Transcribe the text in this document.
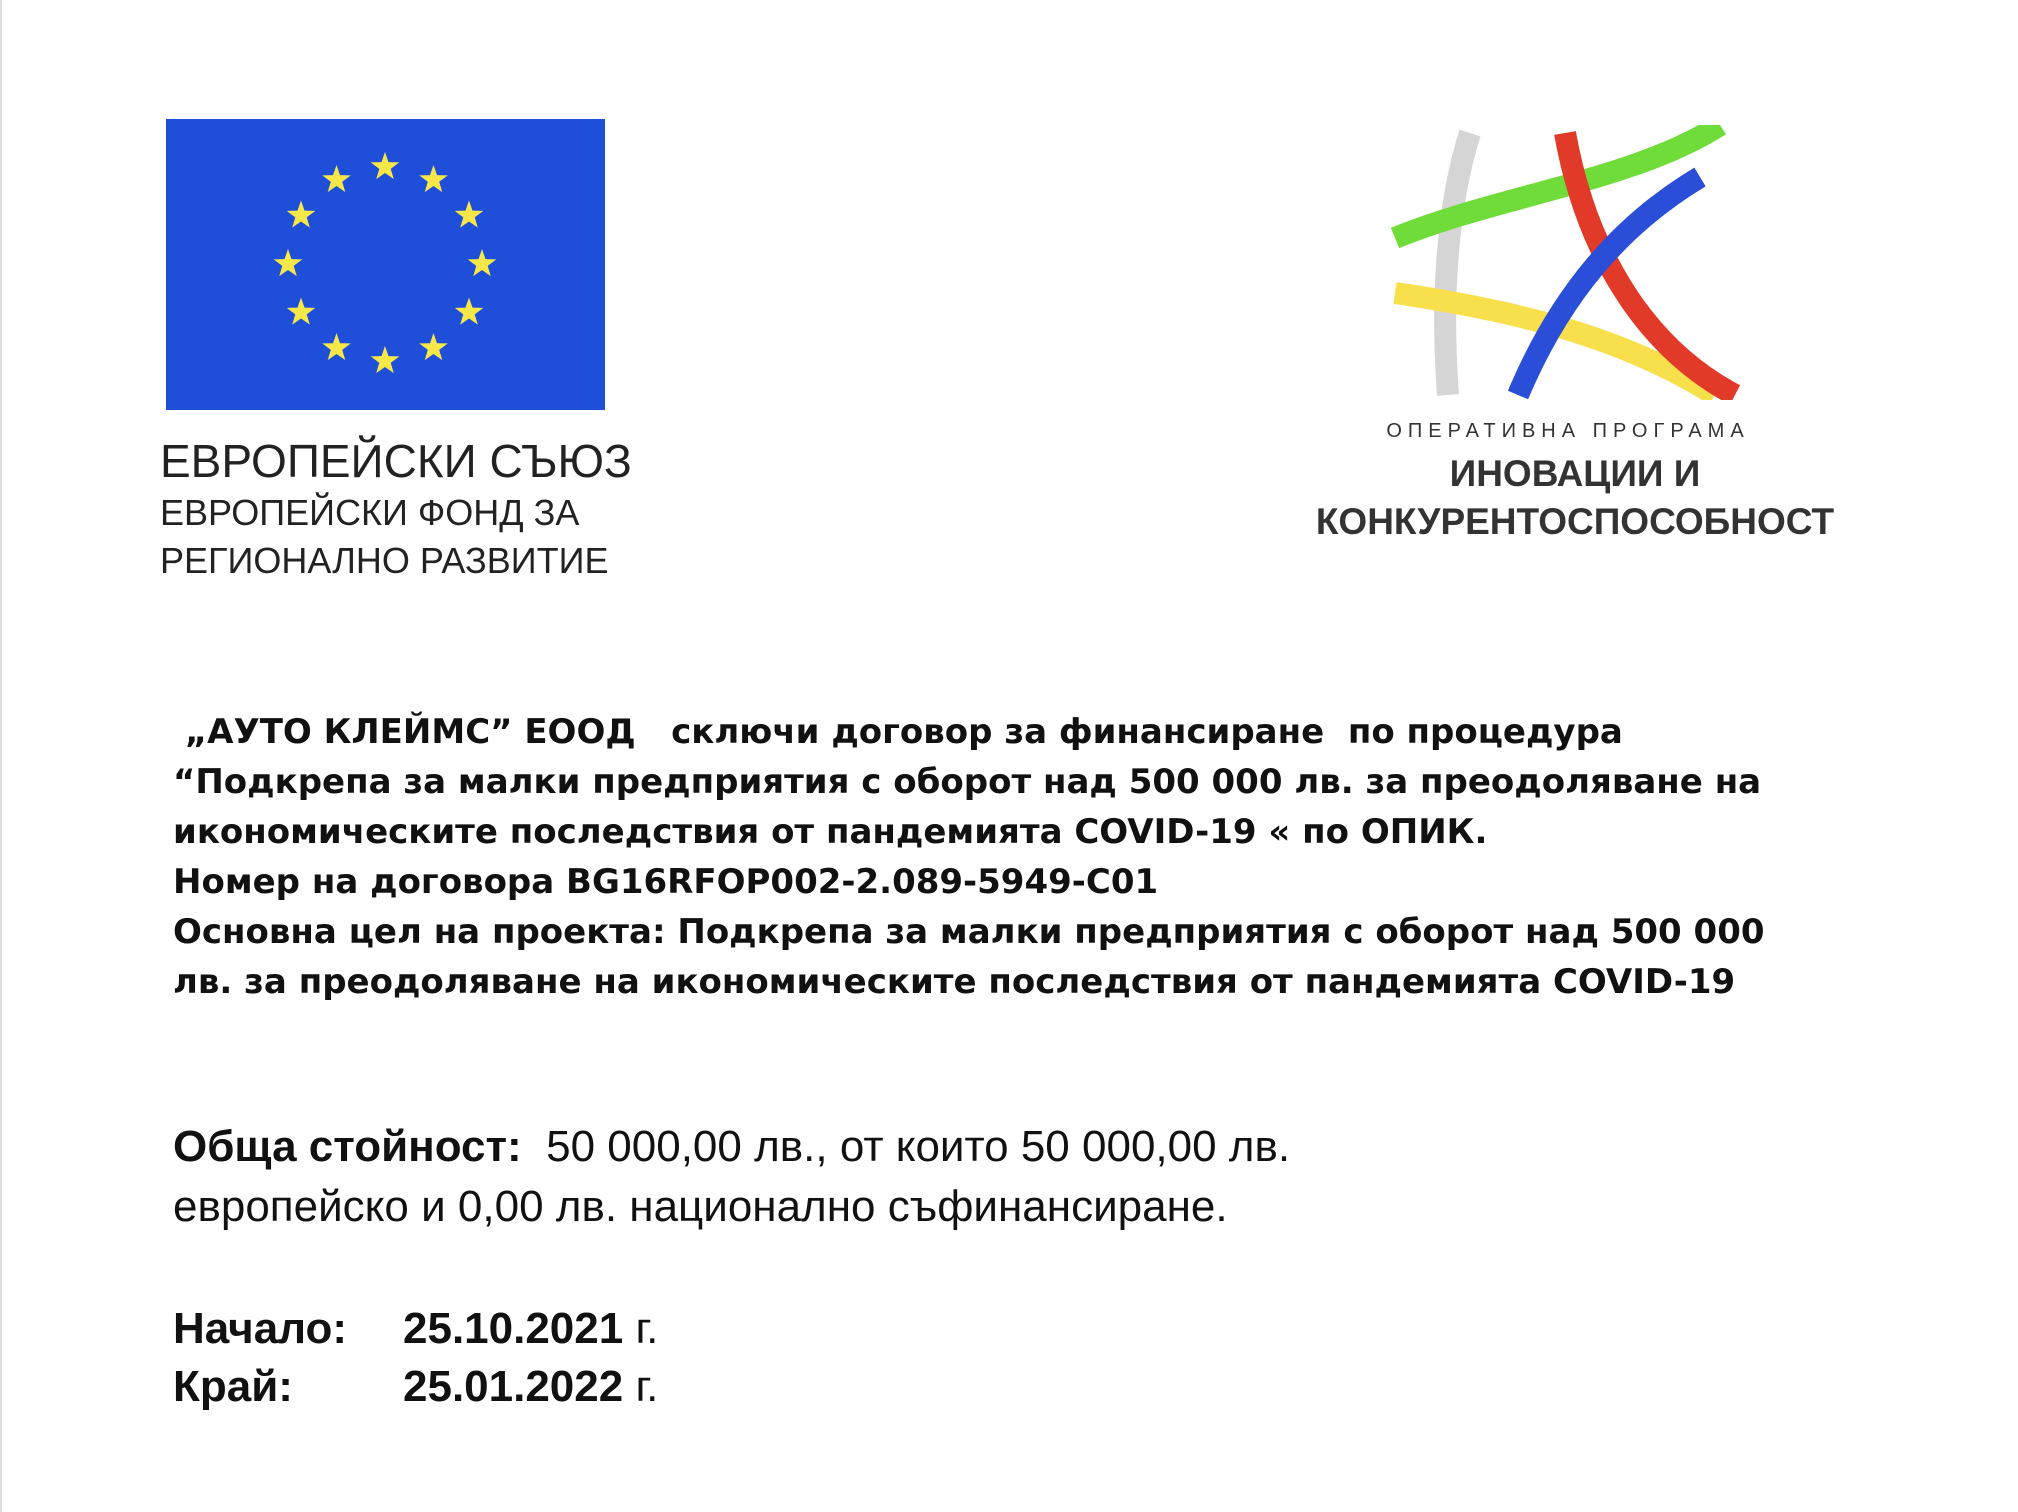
ЕВРОПЕЙСКИ СЪЮЗ
ЕВРОПЕЙСКИ ФОНД ЗА
РЕГИОНАЛНО РАЗВИТИЕ
ОПЕРАТИВНА ПРОГРАМА
ИНОВАЦИИ И
КОНКУРЕНТОСПОСОБНОСТ
„АУТО КЛЕЙМС” ЕООД   сключи договор за финансиране  по процедура
“Подкрепа за малки предприятия с оборот над 500 000 лв. за преодоляване на
икономическите последствия от пандемията COVID-19 « по ОПИК.
Номер на договора BG16RFOP002-2.089-5949-C01
Основна цел на проекта: Подкрепа за малки предприятия с оборот над 500 000
лв. за преодоляване на икономическите последствия от пандемията COVID-19
Обща стойност:  50 000,00 лв., от които 50 000,00 лв.
европейско и 0,00 лв. национално съфинансиране.
Начало: 25.10.2021 г.
Край:	25.01.2022 г.
